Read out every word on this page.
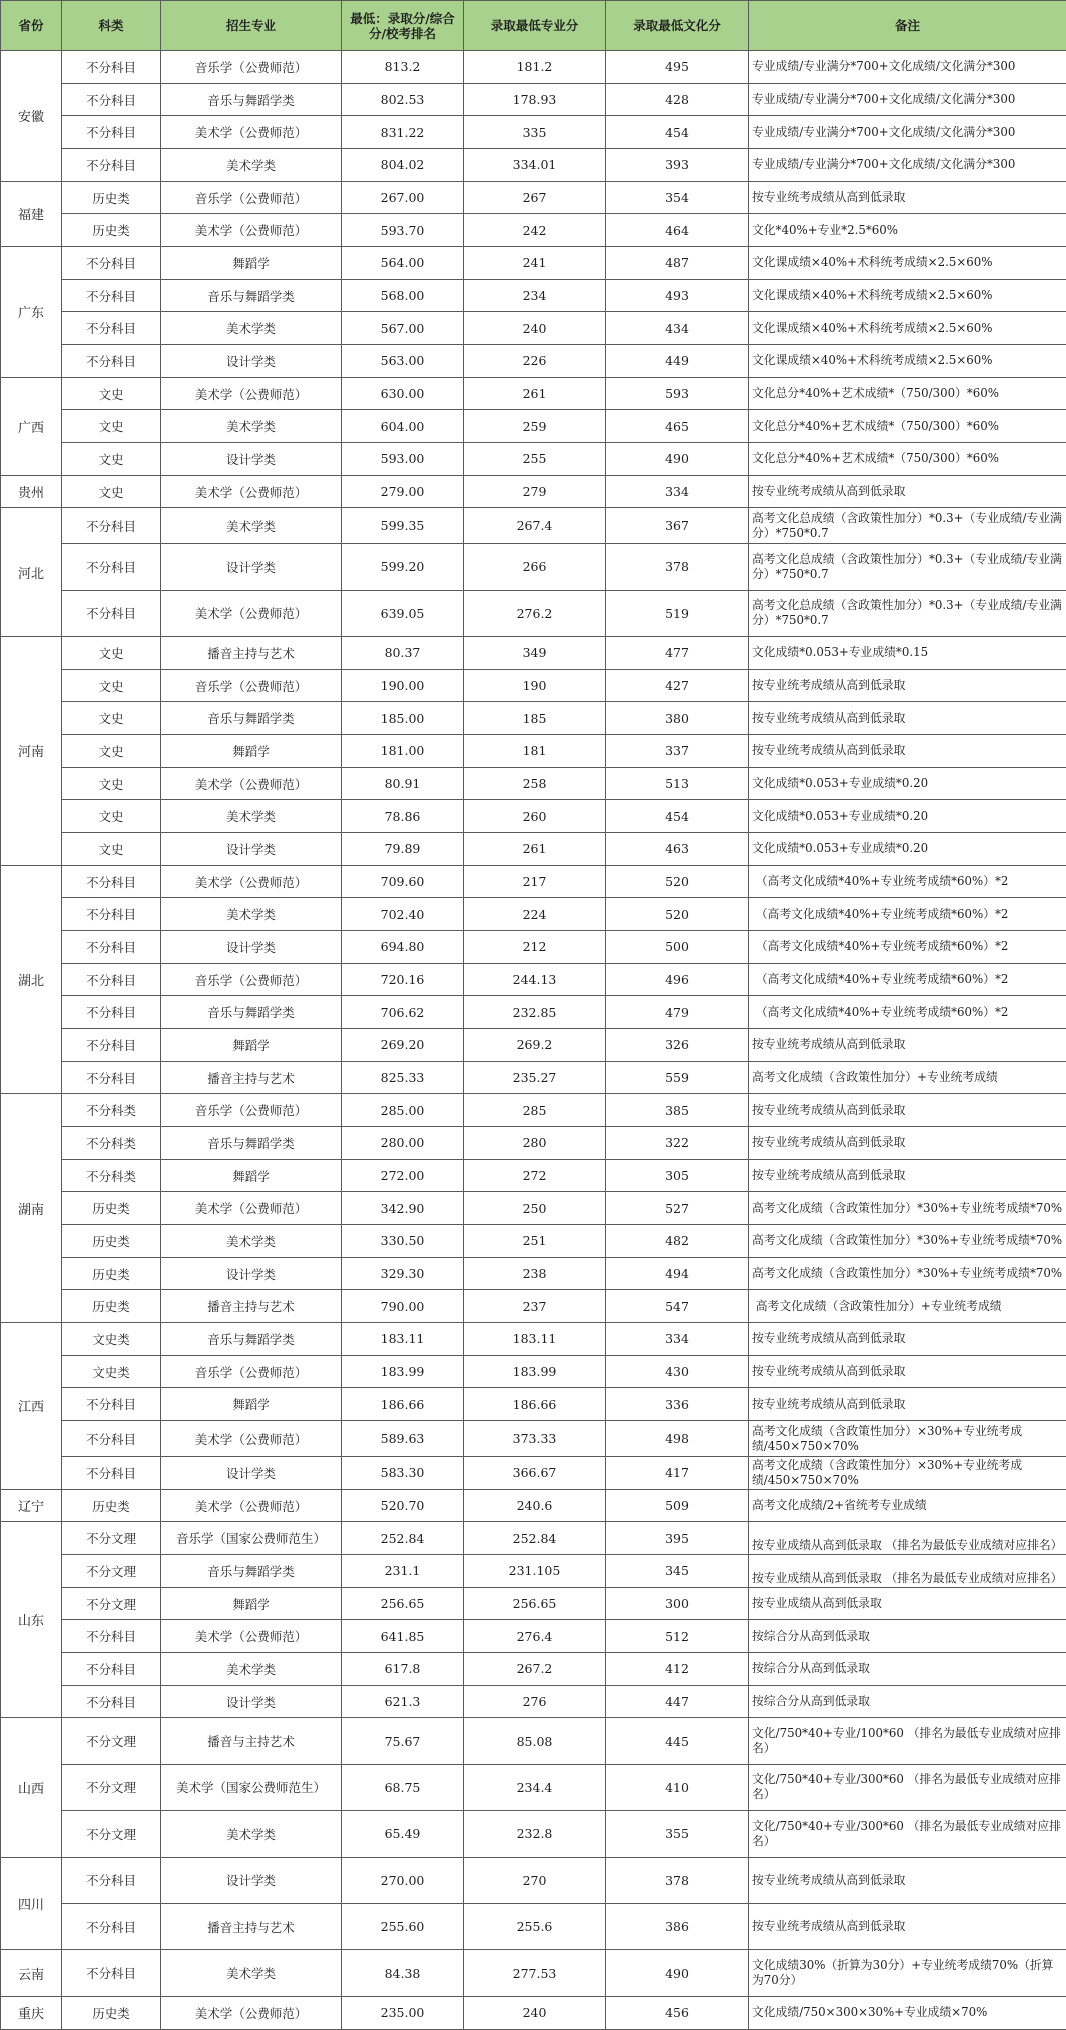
省份	科类	招生专业	最低：录取分/综合分/校考排名	录取最低专业分	录取最低文化分	备注
安徽	不分科目	音乐学（公费师范）	813.2	181.2	495	专业成绩/专业满分*700+文化成绩/文化满分*300
	不分科目	音乐与舞蹈学类	802.53	178.93	428	专业成绩/专业满分*700+文化成绩/文化满分*300
	不分科目	美术学（公费师范）	831.22	335	454	专业成绩/专业满分*700+文化成绩/文化满分*300
	不分科目	美术学类	804.02	334.01	393	专业成绩/专业满分*700+文化成绩/文化满分*300
福建	历史类	音乐学（公费师范）	267.00	267	354	按专业统考成绩从高到低录取
	历史类	美术学（公费师范）	593.70	242	464	文化*40%+专业*2.5*60%
广东	不分科目	舞蹈学	564.00	241	487	文化课成绩×40%+术科统考成绩×2.5×60%
	不分科目	音乐与舞蹈学类	568.00	234	493	文化课成绩×40%+术科统考成绩×2.5×60%
	不分科目	美术学类	567.00	240	434	文化课成绩×40%+术科统考成绩×2.5×60%
	不分科目	设计学类	563.00	226	449	文化课成绩×40%+术科统考成绩×2.5×60%
广西	文史	美术学（公费师范）	630.00	261	593	文化总分*40%+艺术成绩*（750/300）*60%
	文史	美术学类	604.00	259	465	文化总分*40%+艺术成绩*（750/300）*60%
	文史	设计学类	593.00	255	490	文化总分*40%+艺术成绩*（750/300）*60%
贵州	文史	美术学（公费师范）	279.00	279	334	按专业统考成绩从高到低录取
河北	不分科目	美术学类	599.35	267.4	367	高考文化总成绩（含政策性加分）*0.3+（专业成绩/专业满分）*750*0.7
	不分科目	设计学类	599.20	266	378	高考文化总成绩（含政策性加分）*0.3+（专业成绩/专业满分）*750*0.7
	不分科目	美术学（公费师范）	639.05	276.2	519	高考文化总成绩（含政策性加分）*0.3+（专业成绩/专业满分）*750*0.7
河南	文史	播音主持与艺术	80.37	349	477	文化成绩*0.053+专业成绩*0.15
	文史	音乐学（公费师范）	190.00	190	427	按专业统考成绩从高到低录取
	文史	音乐与舞蹈学类	185.00	185	380	按专业统考成绩从高到低录取
	文史	舞蹈学	181.00	181	337	按专业统考成绩从高到低录取
	文史	美术学（公费师范）	80.91	258	513	文化成绩*0.053+专业成绩*0.20
	文史	美术学类	78.86	260	454	文化成绩*0.053+专业成绩*0.20
	文史	设计学类	79.89	261	463	文化成绩*0.053+专业成绩*0.20
湖北	不分科目	美术学（公费师范）	709.60	217	520	（高考文化成绩*40%+专业统考成绩*60%）*2
	不分科目	美术学类	702.40	224	520	（高考文化成绩*40%+专业统考成绩*60%）*2
	不分科目	设计学类	694.80	212	500	（高考文化成绩*40%+专业统考成绩*60%）*2
	不分科目	音乐学（公费师范）	720.16	244.13	496	（高考文化成绩*40%+专业统考成绩*60%）*2
	不分科目	音乐与舞蹈学类	706.62	232.85	479	（高考文化成绩*40%+专业统考成绩*60%）*2
	不分科目	舞蹈学	269.20	269.2	326	按专业统考成绩从高到低录取
	不分科目	播音主持与艺术	825.33	235.27	559	高考文化成绩（含政策性加分）+专业统考成绩
湖南	不分科类	音乐学（公费师范）	285.00	285	385	按专业统考成绩从高到低录取
	不分科类	音乐与舞蹈学类	280.00	280	322	按专业统考成绩从高到低录取
	不分科类	舞蹈学	272.00	272	305	按专业统考成绩从高到低录取
	历史类	美术学（公费师范）	342.90	250	527	高考文化成绩（含政策性加分）*30%+专业统考成绩*70%
	历史类	美术学类	330.50	251	482	高考文化成绩（含政策性加分）*30%+专业统考成绩*70%
	历史类	设计学类	329.30	238	494	高考文化成绩（含政策性加分）*30%+专业统考成绩*70%
	历史类	播音主持与艺术	790.00	237	547	高考文化成绩（含政策性加分）+专业统考成绩
江西	文史类	音乐与舞蹈学类	183.11	183.11	334	按专业统考成绩从高到低录取
	文史类	音乐学（公费师范）	183.99	183.99	430	按专业统考成绩从高到低录取
	不分科目	舞蹈学	186.66	186.66	336	按专业统考成绩从高到低录取
	不分科目	美术学（公费师范）	589.63	373.33	498	高考文化成绩（含政策性加分）×30%+专业统考成绩/450×750×70%
	不分科目	设计学类	583.30	366.67	417	高考文化成绩（含政策性加分）×30%+专业统考成绩/450×750×70%
辽宁	历史类	美术学（公费师范）	520.70	240.6	509	高考文化成绩/2+省统考专业成绩
山东	不分文理	音乐学（国家公费师范生）	252.84	252.84	395	按专业成绩从高到低录取 （排名为最低专业成绩对应排名）
	不分文理	音乐与舞蹈学类	231.1	231.105	345	按专业成绩从高到低录取 （排名为最低专业成绩对应排名）
	不分文理	舞蹈学	256.65	256.65	300	按专业成绩从高到低录取
	不分科目	美术学（公费师范）	641.85	276.4	512	按综合分从高到低录取
	不分科目	美术学类	617.8	267.2	412	按综合分从高到低录取
	不分科目	设计学类	621.3	276	447	按综合分从高到低录取
山西	不分文理	播音与主持艺术	75.67	85.08	445	文化/750*40+专业/100*60 （排名为最低专业成绩对应排名）
	不分文理	美术学（国家公费师范生）	68.75	234.4	410	文化/750*40+专业/300*60 （排名为最低专业成绩对应排名）
	不分文理	美术学类	65.49	232.8	355	文化/750*40+专业/300*60 （排名为最低专业成绩对应排名）
四川	不分科目	设计学类	270.00	270	378	按专业统考成绩从高到低录取
	不分科目	播音主持与艺术	255.60	255.6	386	按专业统考成绩从高到低录取
云南	不分科目	美术学类	84.38	277.53	490	文化成绩30%（折算为30分）+专业统考成绩70%（折算为70分）
重庆	历史类	美术学（公费师范）	235.00	240	456	文化成绩/750×300×30%+专业成绩×70%
